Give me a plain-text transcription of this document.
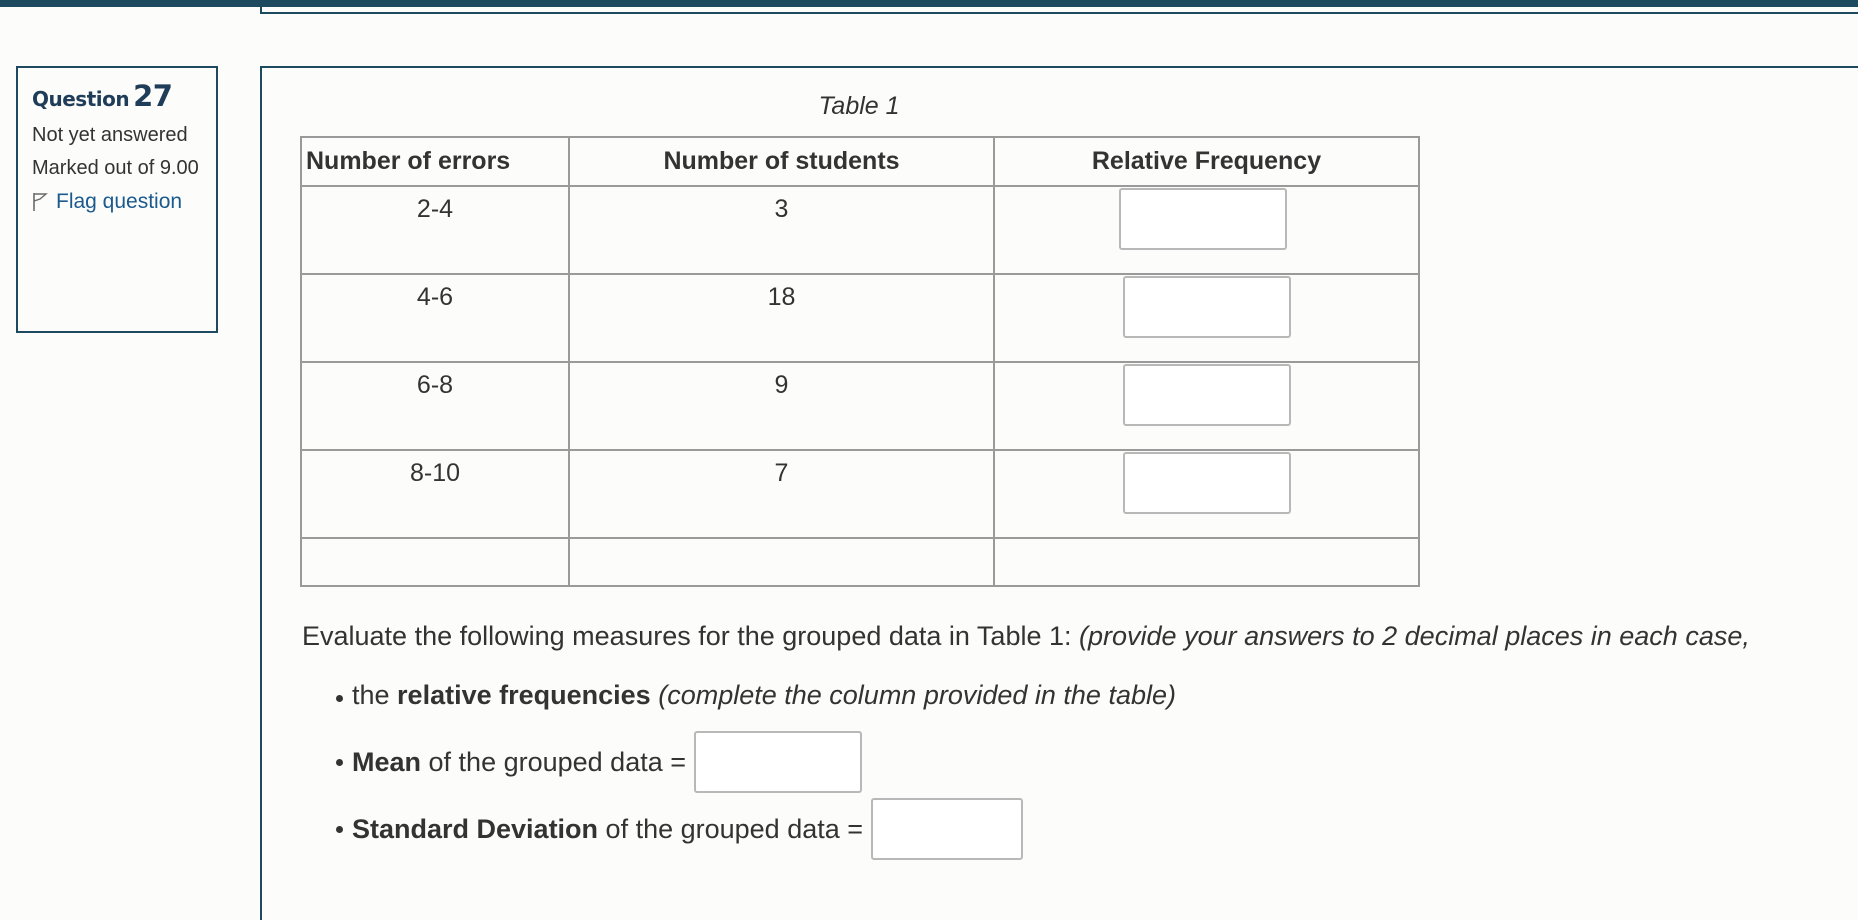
Question 27
Not yet answered
Marked out of 9.00
Flag question
Table 1
Number of errors	Number of students	Relative Frequency

2-4	3

4-6	18

6-8	9

8-10	7

Evaluate the following measures for the grouped data in Table 1: (provide your answers to 2 decimal places in each case,
the relative frequencies (complete the column provided in the table)
Mean of the grouped data =
Standard Deviation of the grouped data =
